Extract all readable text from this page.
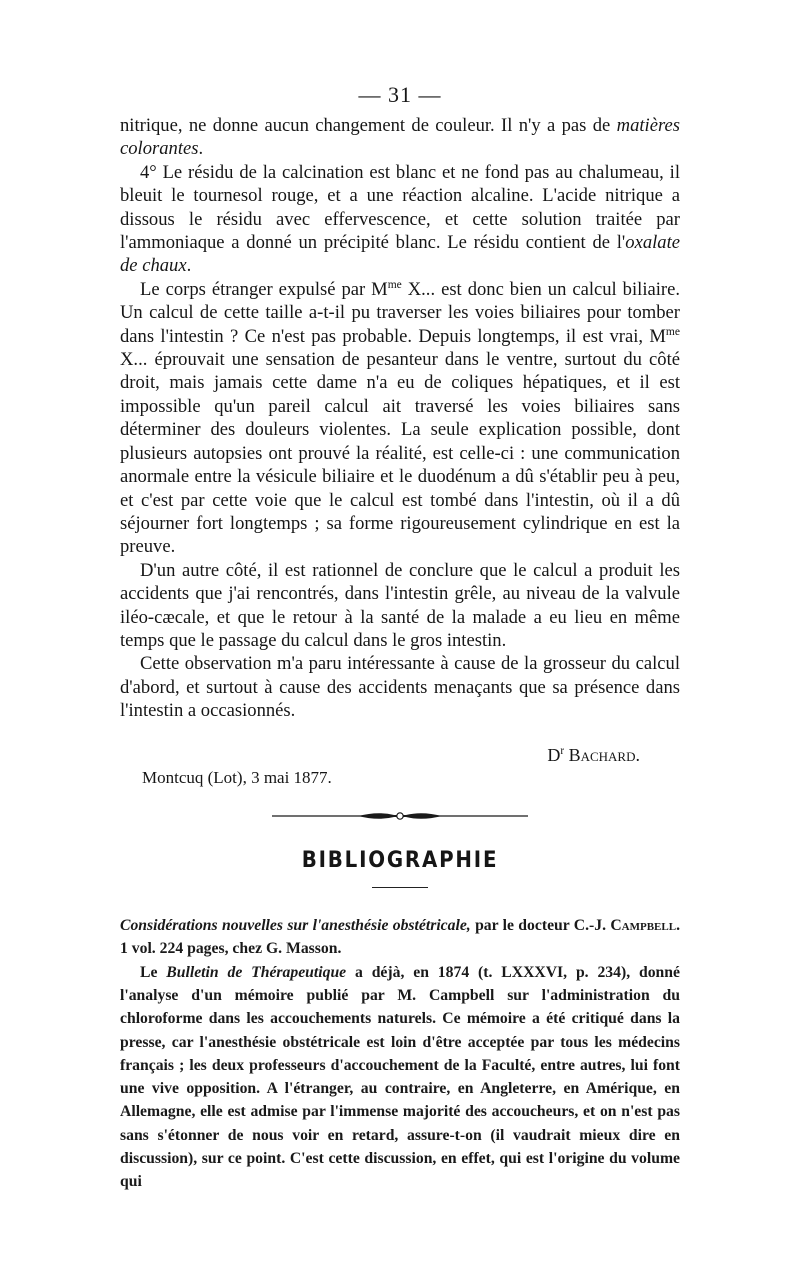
— 31 —

nitrique, ne donne aucun changement de couleur. Il n'y a pas de matières colorantes.

4° Le résidu de la calcination est blanc et ne fond pas au chalumeau, il bleuit le tournesol rouge, et a une réaction alcaline. L'acide nitrique a dissous le résidu avec effervescence, et cette solution traitée par l'ammoniaque a donné un précipité blanc. Le résidu contient de l'oxalate de chaux.

Le corps étranger expulsé par $M^{me}$ X... est donc bien un calcul biliaire. Un calcul de cette taille a-t-il pu traverser les voies biliaires pour tomber dans l'intestin ? Ce n'est pas probable. Depuis longtemps, il est vrai, $M^{me}$ X... éprouvait une sensation de pesanteur dans le ventre, surtout du côté droit, mais jamais cette dame n'a eu de coliques hépatiques, et il est impossible qu'un pareil calcul ait traversé les voies biliaires sans déterminer des douleurs violentes. La seule explication possible, dont plusieurs autopsies ont prouvé la réalité, est celle-ci : une communication anormale entre la vésicule biliaire et le duodénum a dû s'établir peu à peu, et c'est par cette voie que le calcul est tombé dans l'intestin, où il a dû séjourner fort longtemps ; sa forme rigoureusement cylindrique en est la preuve.

D'un autre côté, il est rationnel de conclure que le calcul a produit les accidents que j'ai rencontrés, dans l'intestin grêle, au niveau de la valvule iléo-cæcale, et que le retour à la santé de la malade a eu lieu en même temps que le passage du calcul dans le gros intestin.

Cette observation m'a paru intéressante à cause de la grosseur du calcul d'abord, et surtout à cause des accidents menaçants que sa présence dans l'intestin a occasionnés.

$D^r$ Bachard.
Montcuq (Lot), 3 mai 1877.
BIBLIOGRAPHIE

Considérations nouvelles sur l'anesthésie obstétricale, par le docteur C.-J. Campbell. 1 vol. 224 pages, chez G. Masson.

Le Bulletin de Thérapeutique a déjà, en 1874 (t. LXXXVI, p. 234), donné l'analyse d'un mémoire publié par M. Campbell sur l'administration du chloroforme dans les accouchements naturels. Ce mémoire a été critiqué dans la presse, car l'anesthésie obstétricale est loin d'être acceptée par tous les médecins français ; les deux professeurs d'accouchement de la Faculté, entre autres, lui font une vive opposition. A l'étranger, au contraire, en Angleterre, en Amérique, en Allemagne, elle est admise par l'immense majorité des accoucheurs, et on n'est pas sans s'étonner de nous voir en retard, assure-t-on (il vaudrait mieux dire en discussion), sur ce point. C'est cette discussion, en effet, qui est l'origine du volume qui
